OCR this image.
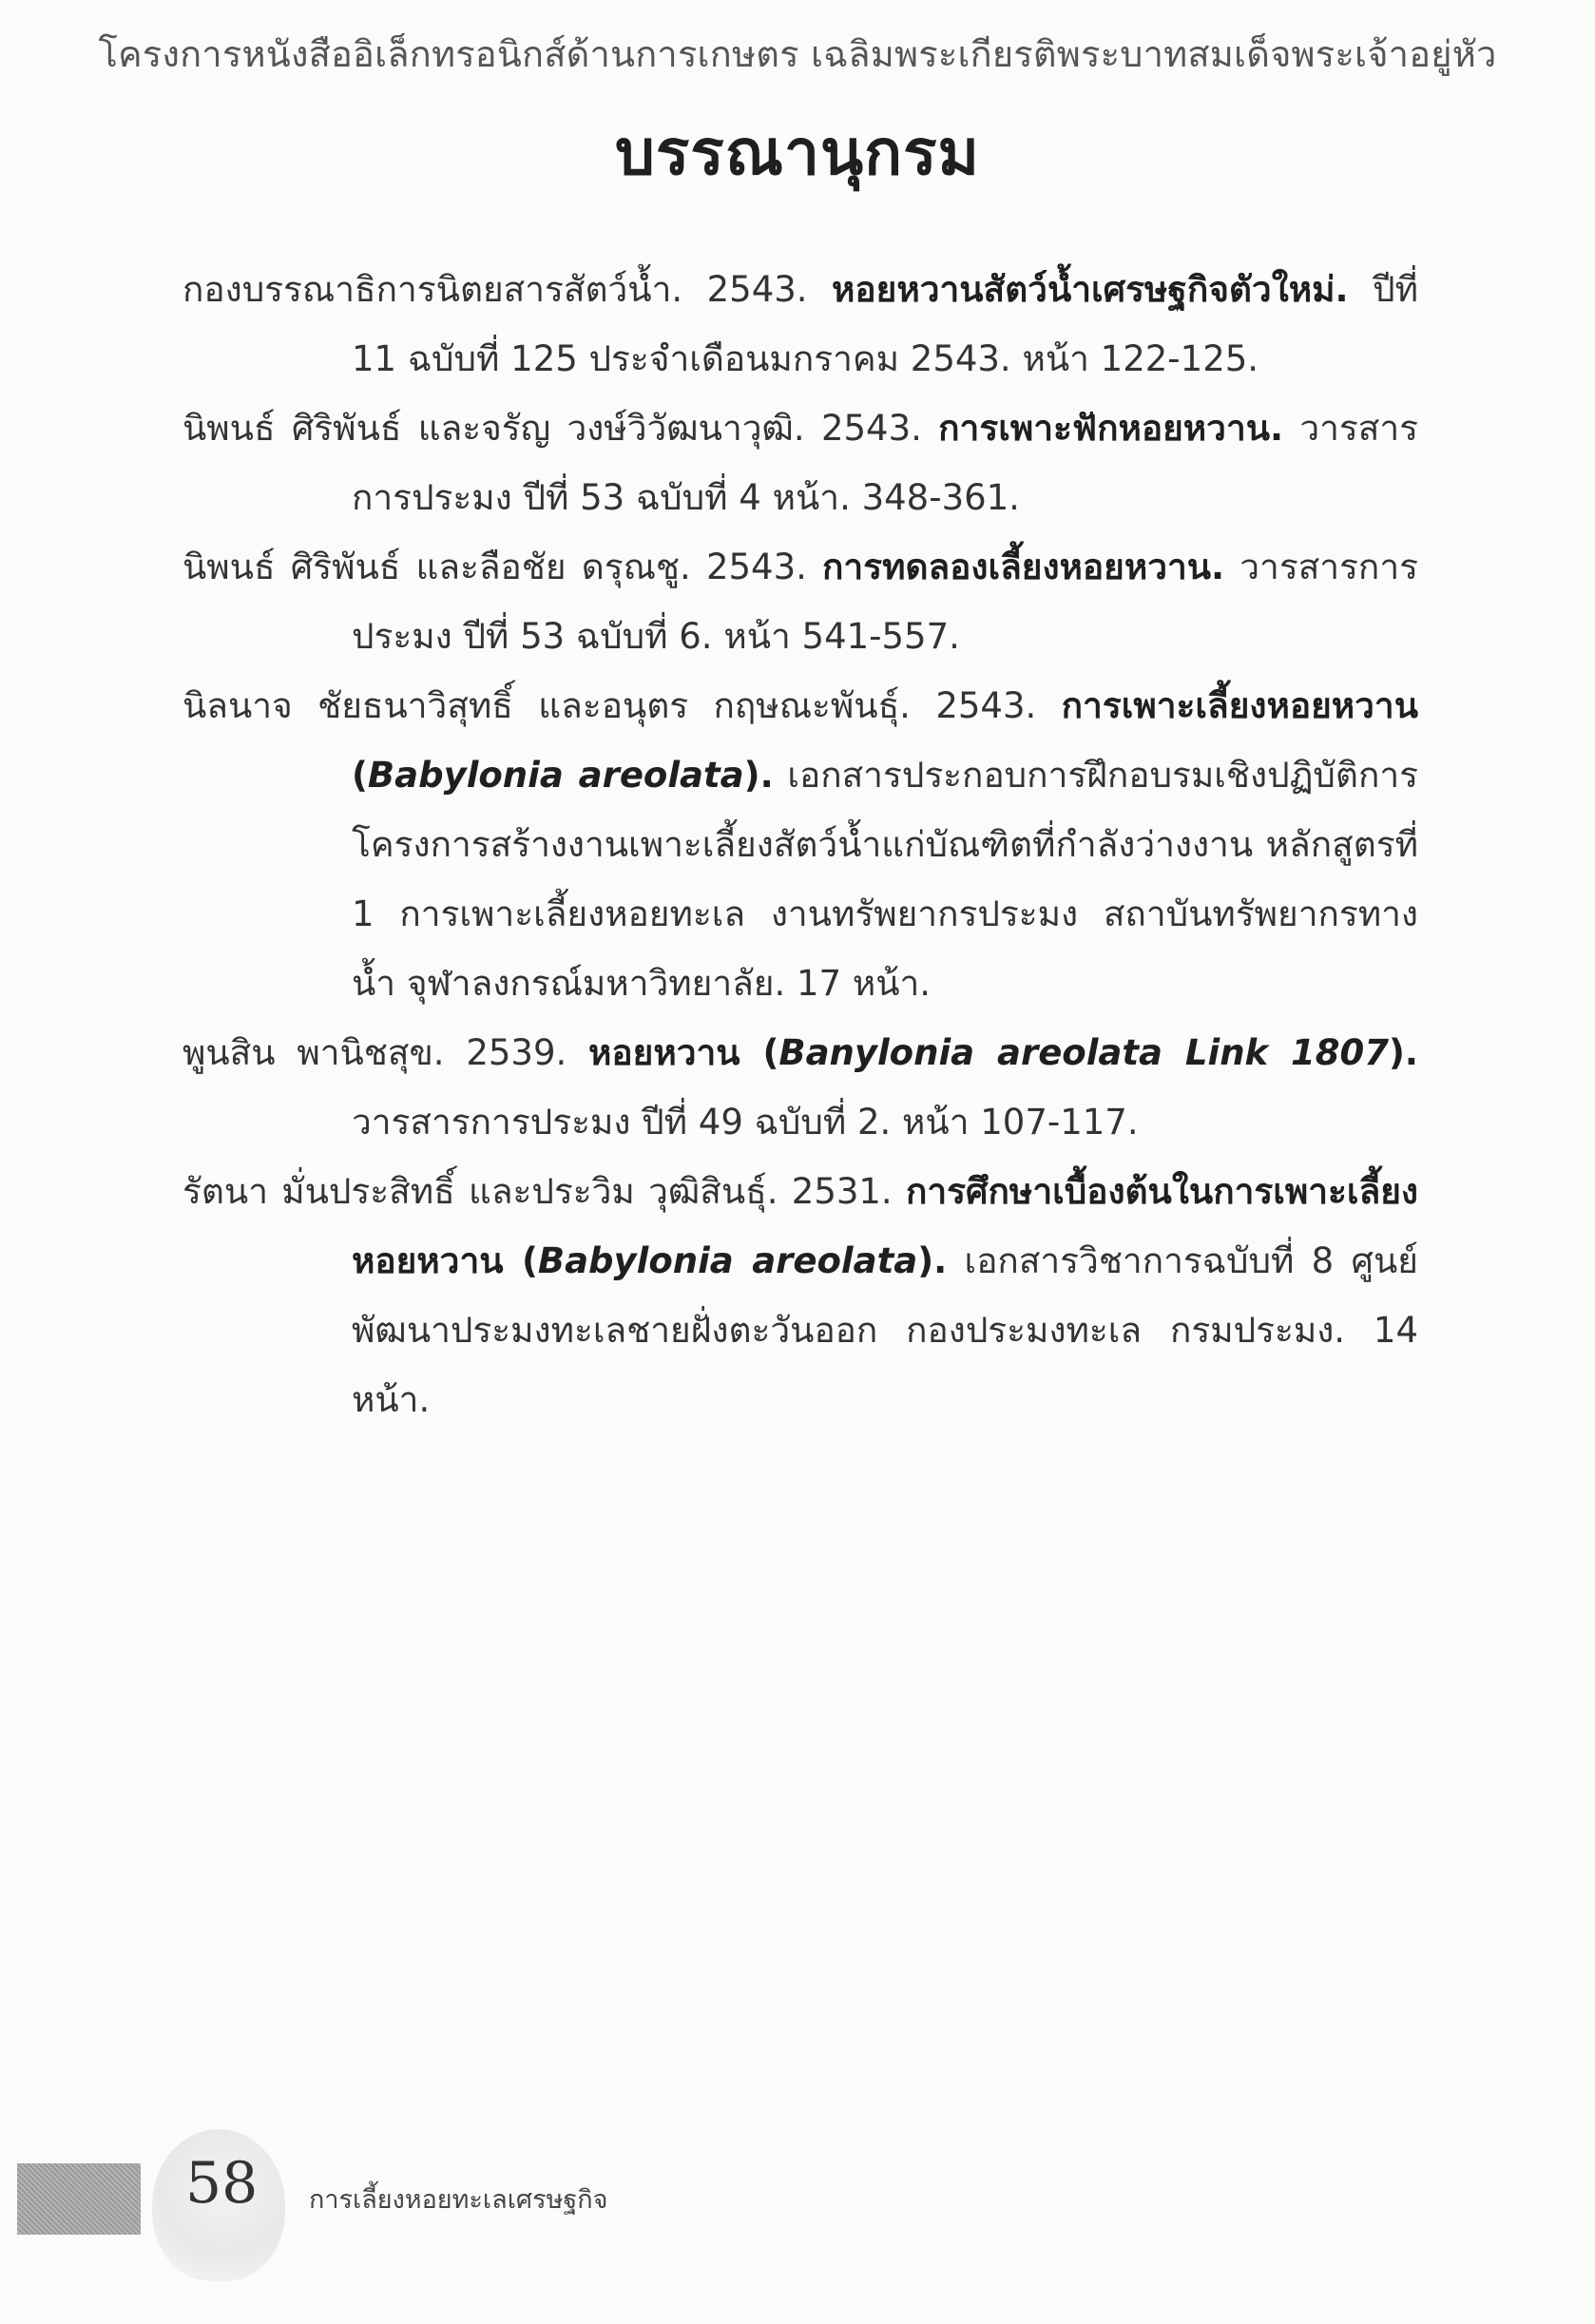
โครงการหนังสืออิเล็กทรอนิกส์ด้านการเกษตร เฉลิมพระเกียรติพระบาทสมเด็จพระเจ้าอยู่หัว
บรรณานุกรม

กองบรรณาธิการนิตยสารสัตว์น้ำ. 2543. หอยหวานสัตว์น้ำเศรษฐกิจตัวใหม่. ปีที่ 11 ฉบับที่ 125 ประจำเดือนมกราคม 2543. หน้า 122-125.

นิพนธ์ ศิริพันธ์ และจรัญ วงษ์วิวัฒนาวุฒิ. 2543. การเพาะฟักหอยหวาน. วารสารการประมง ปีที่ 53 ฉบับที่ 4 หน้า. 348-361.

นิพนธ์ ศิริพันธ์ และลือชัย ดรุณชู. 2543. การทดลองเลี้ยงหอยหวาน. วารสารการประมง ปีที่ 53 ฉบับที่ 6. หน้า 541-557.

นิลนาจ ชัยธนาวิสุทธิ์ และอนุตร กฤษณะพันธุ์. 2543. การเพาะเลี้ยงหอยหวาน (Babylonia areolata). เอกสารประกอบการฝึกอบรมเชิงปฏิบัติการ โครงการสร้างงานเพาะเลี้ยงสัตว์น้ำแก่บัณฑิตที่กำลังว่างงาน หลักสูตรที่ 1 การเพาะเลี้ยงหอยทะเล งานทรัพยากรประมง สถาบันทรัพยากรทางน้ำ จุฬาลงกรณ์มหาวิทยาลัย. 17 หน้า.

พูนสิน พานิชสุข. 2539. หอยหวาน (Banylonia areolata Link 1807). วารสารการประมง ปีที่ 49 ฉบับที่ 2. หน้า 107-117.

รัตนา มั่นประสิทธิ์ และประวิม วุฒิสินธุ์. 2531. การศึกษาเบื้องต้นในการเพาะเลี้ยงหอยหวาน (Babylonia areolata). เอกสารวิชาการฉบับที่ 8 ศูนย์พัฒนาประมงทะเลชายฝั่งตะวันออก กองประมงทะเล กรมประมง. 14 หน้า.

58 การเลี้ยงหอยทะเลเศรษฐกิจ
